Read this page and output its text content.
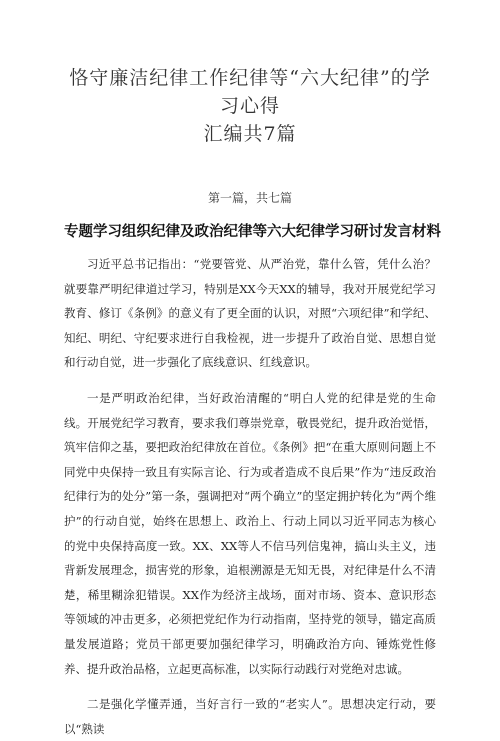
恪守廉洁纪律工作纪律等“六大纪律”的学习心得
汇编共7篇
第一篇，共七篇
专题学习组织纪律及政治纪律等六大纪律学习研讨发言材料

习近平总书记指出：“党要管党、从严治党，靠什么管，凭什么治？就要靠严明纪律道过学习，特别是XX今天XX的辅导，我对开展党纪学习教育、修订《条例》的意义有了更全面的认识，对照“六项纪律”和学纪、知纪、明纪、守纪要求进行自我检视，进一步提升了政治自觉、思想自觉和行动自觉，进一步强化了底线意识、红线意识。

一是严明政治纪律，当好政治清醒的“明白人党的纪律是党的生命线。开展党纪学习教育，要求我们尊崇党章，敬畏党纪，提升政治觉悟，筑牢信仰之基，要把政治纪律放在首位。《条例》把“在重大原则问题上不同党中央保持一致且有实际言论、行为或者造成不良后果”作为“违反政治纪律行为的处分”第一条，强调把对“两个确立”的坚定拥护转化为“两个维护”的行动自觉，始终在思想上、政治上、行动上同以习近平同志为核心的党中央保持高度一致。XX、XX等人不信马列信鬼神，搞山头主义，违背新发展理念，损害党的形象，追根溯源是无知无畏，对纪律是什么不清楚，稀里糊涂犯错误。XX作为经济主战场，面对市场、资本、意识形态等领域的冲击更多，必须把党纪作为行动指南，坚持党的领导，锚定高质量发展道路；党员干部更要加强纪律学习，明确政治方向、锤炼党性修养、提升政治品格，立起更高标准，以实际行动践行对党绝对忠诚。

二是强化学懂弄通，当好言行一致的“老实人”。思想决定行动，要以“熟读
